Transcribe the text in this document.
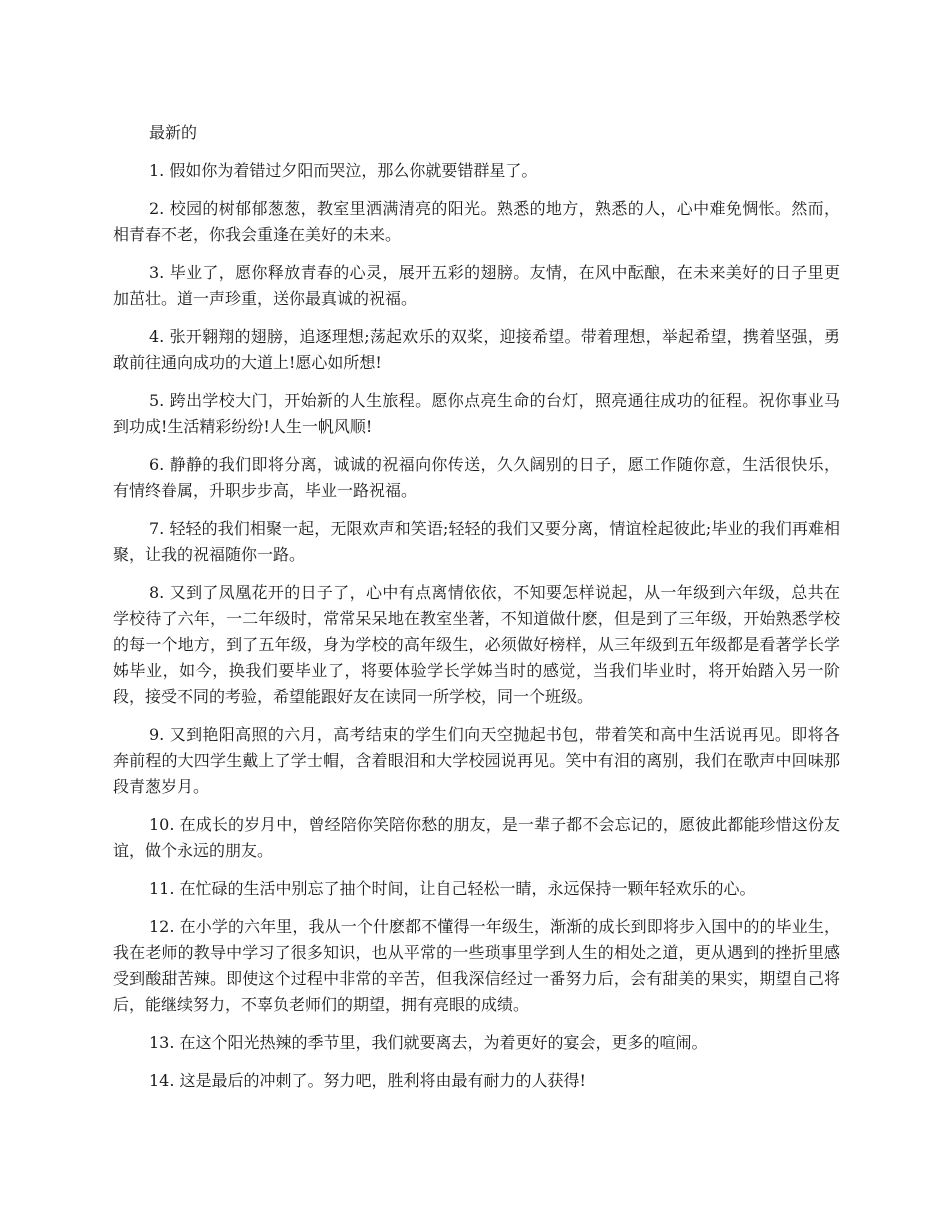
最新的

1. 假如你为着错过夕阳而哭泣，那么你就要错群星了。

2. 校园的树郁郁葱葱，教室里洒满清亮的阳光。熟悉的地方，熟悉的人，心中难免惆怅。然而，相青春不老，你我会重逢在美好的未来。

3. 毕业了，愿你释放青春的心灵，展开五彩的翅膀。友情，在风中酝酿，在未来美好的日子里更加茁壮。道一声珍重，送你最真诚的祝福。

4. 张开翱翔的翅膀，追逐理想;荡起欢乐的双桨，迎接希望。带着理想，举起希望，携着坚强，勇敢前往通向成功的大道上!愿心如所想!

5. 跨出学校大门，开始新的人生旅程。愿你点亮生命的台灯，照亮通往成功的征程。祝你事业马到功成!生活精彩纷纷!人生一帆风顺!

6. 静静的我们即将分离，诚诚的祝福向你传送，久久阔别的日子，愿工作随你意，生活很快乐，有情终眷属，升职步步高，毕业一路祝福。

7. 轻轻的我们相聚一起，无限欢声和笑语;轻轻的我们又要分离，情谊栓起彼此;毕业的我们再难相聚，让我的祝福随你一路。

8. 又到了凤凰花开的日子了，心中有点离情依依，不知要怎样说起，从一年级到六年级，总共在学校待了六年，一二年级时，常常呆呆地在教室坐著，不知道做什麽，但是到了三年级，开始熟悉学校的每一个地方，到了五年级，身为学校的高年级生，必须做好榜样，从三年级到五年级都是看著学长学姊毕业，如今，换我们要毕业了，将要体验学长学姊当时的感觉，当我们毕业时，将开始踏入另一阶段，接受不同的考验，希望能跟好友在读同一所学校，同一个班级。

9. 又到艳阳高照的六月，高考结束的学生们向天空抛起书包，带着笑和高中生活说再见。即将各奔前程的大四学生戴上了学士帽，含着眼泪和大学校园说再见。笑中有泪的离别，我们在歌声中回味那段青葱岁月。

10. 在成长的岁月中，曾经陪你笑陪你愁的朋友，是一辈子都不会忘记的，愿彼此都能珍惜这份友谊，做个永远的朋友。

11. 在忙碌的生活中别忘了抽个时间，让自己轻松一睛，永远保持一颗年轻欢乐的心。

12. 在小学的六年里，我从一个什麽都不懂得一年级生，渐渐的成长到即将步入国中的的毕业生，我在老师的教导中学习了很多知识，也从平常的一些琐事里学到人生的相处之道，更从遇到的挫折里感受到酸甜苦辣。即使这个过程中非常的辛苦，但我深信经过一番努力后，会有甜美的果实，期望自己将后，能继续努力，不辜负老师们的期望，拥有亮眼的成绩。

13. 在这个阳光热辣的季节里，我们就要离去，为着更好的宴会，更多的喧闹。

14. 这是最后的冲刺了。努力吧，胜利将由最有耐力的人获得!
